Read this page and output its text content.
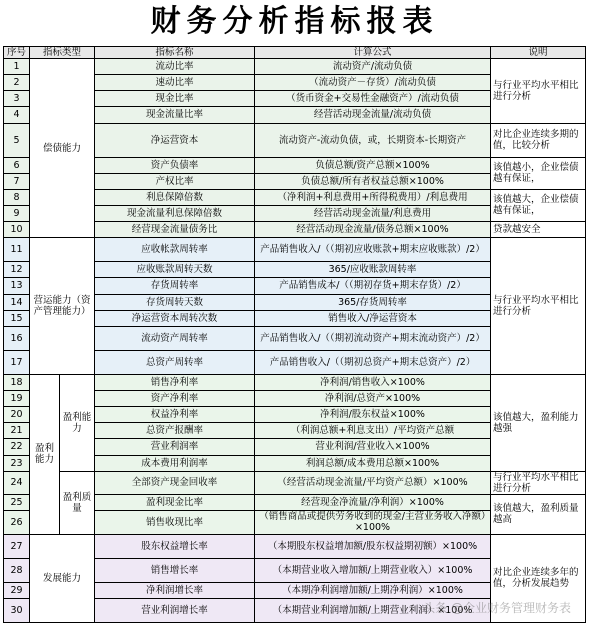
财务分析指标报表
序号	指标类型		指标名称	计算公式	说明
1	偿债能力		流动比率	流动资产/流动负债	与行业平均水平相比进行分析
2			速动比率	（流动资产－存货）/流动负债	
3			现金比率	（货币资金+交易性金融资产）/流动负债	
4			现金流量比率	经营活动现金流量/流动负债	
5			净运营资本	流动资产-流动负债，或，长期资本-长期资产	对比企业连续多期的值，比较分析
6			资产负债率	负债总额/资产总额×100%	该值越小，企业偿债越有保证，
7			产权比率	负债总额/所有者权益总额×100%	
8			利息保障倍数	（净利润+利息费用+所得税费用）/利息费用	该值越大，企业偿债越有保证，
9			现金流量利息保障倍数	经营活动现金流量/利息费用	
10			经营现金流量债务比	经营活动现金流量/债务总额×100%	贷款越安全
11	营运能力（资产管理能力）		应收帐款周转率	产品销售收入/（（期初应收账款+期末应收账款）/2）	与行业平均水平相比进行分析
12			应收账款周转天数	365/应收账款周转率	
13			存货周转率	产品销售成本/（（期初存货+期末存货）/2）	
14			存货周转天数	365/存货周转率	
15			净运营资本周转次数	销售收入/净运营资本	
16			流动资产周转率	产品销售收入/（（期初流动资产+期末流动资产）/2）	
17			总资产周转率	产品销售收入/（（期初总资产+期末总资产）/2）	
18	盈利能力	盈利能力	销售净利率	净利润/销售收入×100%	该值越大，盈利能力越强
19			资产净利率	净利润/总资产×100%	
20			权益净利率	净利润/股东权益×100%	
21			总资产报酬率	（利润总额+利息支出）/平均资产总额	
22			营业利润率	营业利润/营业收入×100%	
23			成本费用利润率	利润总额/成本费用总额×100%	
24		盈利质量	全部资产现金回收率	（经营活动现金流量/平均资产总额）×100%	与行业平均水平相比进行分析
25			盈利现金比率	经营现金净流量/净利润）×100%	该值越大，盈利质量越高
26			销售收现比率	（销售商品或提供劳务收到的现金/主营业务收入净额）×100%	
27	发展能力		股东权益增长率	（本期股东权益增加额/股东权益期初额）×100%	对比企业连续多年的值，分析发展趋势
28			销售增长率	（本期营业收入增加额/上期营业收入）×100%	
29			净利润增长率	（本期净利润增加额/上期净利润）×100%	
30			营业利润增长率	（本期营业利润增加额/上期营业利润）×100%	
头条 @企业财务管理财务表
